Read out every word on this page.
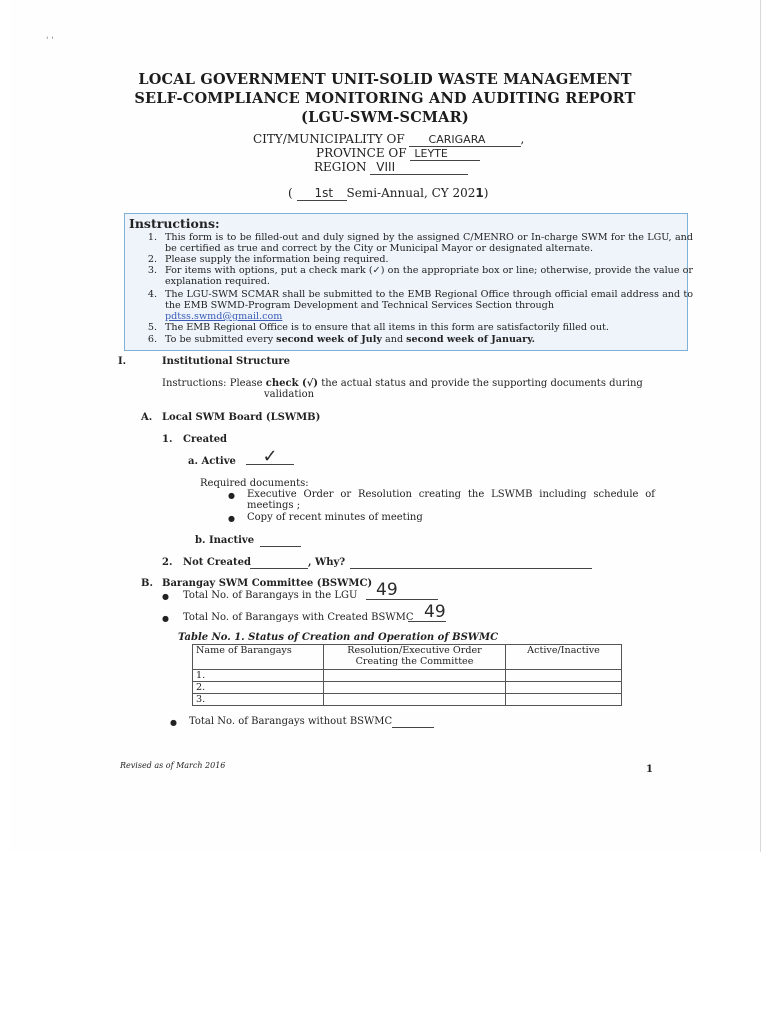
' '
LOCAL GOVERNMENT UNIT-SOLID WASTE MANAGEMENT
SELF-COMPLIANCE MONITORING AND AUDITING REPORT
(LGU-SWM-SCMAR)
CITY/MUNICIPALITY OF CARIGARA	,
PROVINCE OF LEYTE
REGION VIII
( 1st Semi-Annual, CY 2021)
Instructions:
1. This form is to be filled-out and duly signed by the assigned C/MENRO or In-charge SWM for the LGU, and be certified as true and correct by the City or Municipal Mayor or designated alternate.
2. Please supply the information being required.
3. For items with options, put a check mark (✓) on the appropriate box or line; otherwise, provide the value or explanation required.
4. The LGU-SWM SCMAR shall be submitted to the EMB Regional Office through official email address and to the EMB SWMD-Program Development and Technical Services Section through
pdtss.swmd@gmail.com
5. The EMB Regional Office is to ensure that all items in this form are satisfactorily filled out.
6. To be submitted every second week of July and second week of January.
I.	Institutional Structure
Instructions: Please check (√) the actual status and provide the supporting documents during
validation
A. Local SWM Board (LSWMB)
1. Created
a. Active	✓
Required documents:
● Executive Order or Resolution creating the LSWMB including schedule of
meetings ;
● Copy of recent minutes of meeting
b. Inactive
2. Not Created	, Why?
B. Barangay SWM Committee (BSWMC)
● Total No. of Barangays in the LGU	49
● Total No. of Barangays with Created BSWMC 49
Table No. 1. Status of Creation and Operation of BSWMC
Name of Barangays	Resolution/Executive Order Creating the Committee	Active/Inactive
1.		
2.		
3.		
● Total No. of Barangays without BSWMC
Revised as of March 2016	1
